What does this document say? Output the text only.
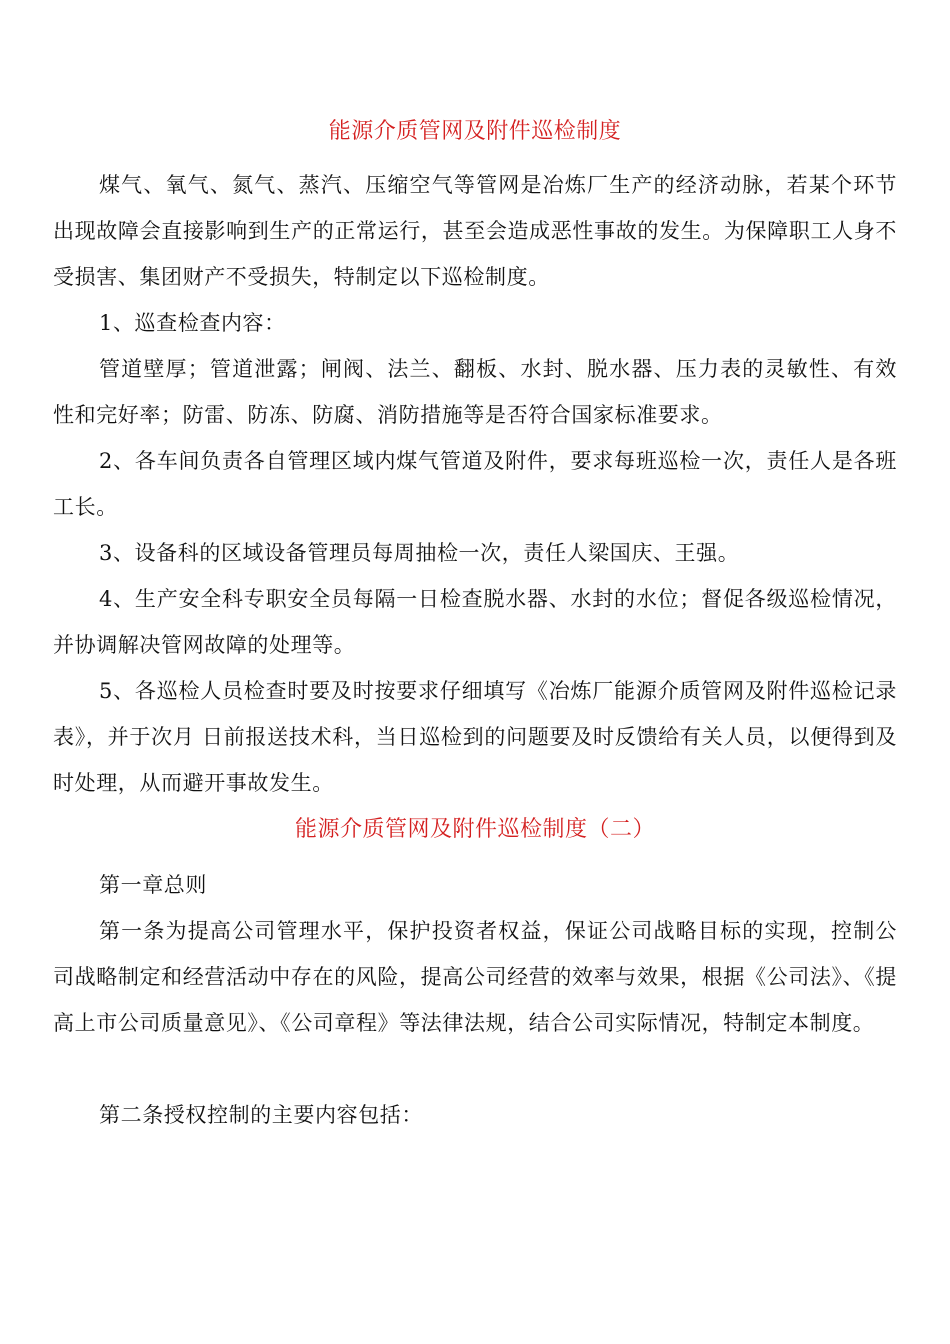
能源介质管网及附件巡检制度

煤气、氧气、氮气、蒸汽、压缩空气等管网是冶炼厂生产的经济动脉，若某个环节出现故障会直接影响到生产的正常运行，甚至会造成恶性事故的发生。为保障职工人身不受损害、集团财产不受损失，特制定以下巡检制度。

1、巡查检查内容：

管道壁厚；管道泄露；闸阀、法兰、翻板、水封、脱水器、压力表的灵敏性、有效性和完好率；防雷、防冻、防腐、消防措施等是否符合国家标准要求。

2、各车间负责各自管理区域内煤气管道及附件，要求每班巡检一次，责任人是各班工长。

3、设备科的区域设备管理员每周抽检一次，责任人梁国庆、王强。

4、生产安全科专职安全员每隔一日检查脱水器、水封的水位；督促各级巡检情况，并协调解决管网故障的处理等。

5、各巡检人员检查时要及时按要求仔细填写《冶炼厂能源介质管网及附件巡检记录表》，并于次月 日前报送技术科，当日巡检到的问题要及时反馈给有关人员，以便得到及时处理，从而避开事故发生。

能源介质管网及附件巡检制度（二）

第一章总则

第一条为提高公司管理水平，保护投资者权益，保证公司战略目标的实现，控制公司战略制定和经营活动中存在的风险，提高公司经营的效率与效果，根据《公司法》、《提高上市公司质量意见》、《公司章程》等法律法规，结合公司实际情况，特制定本制度。

第二条授权控制的主要内容包括：
